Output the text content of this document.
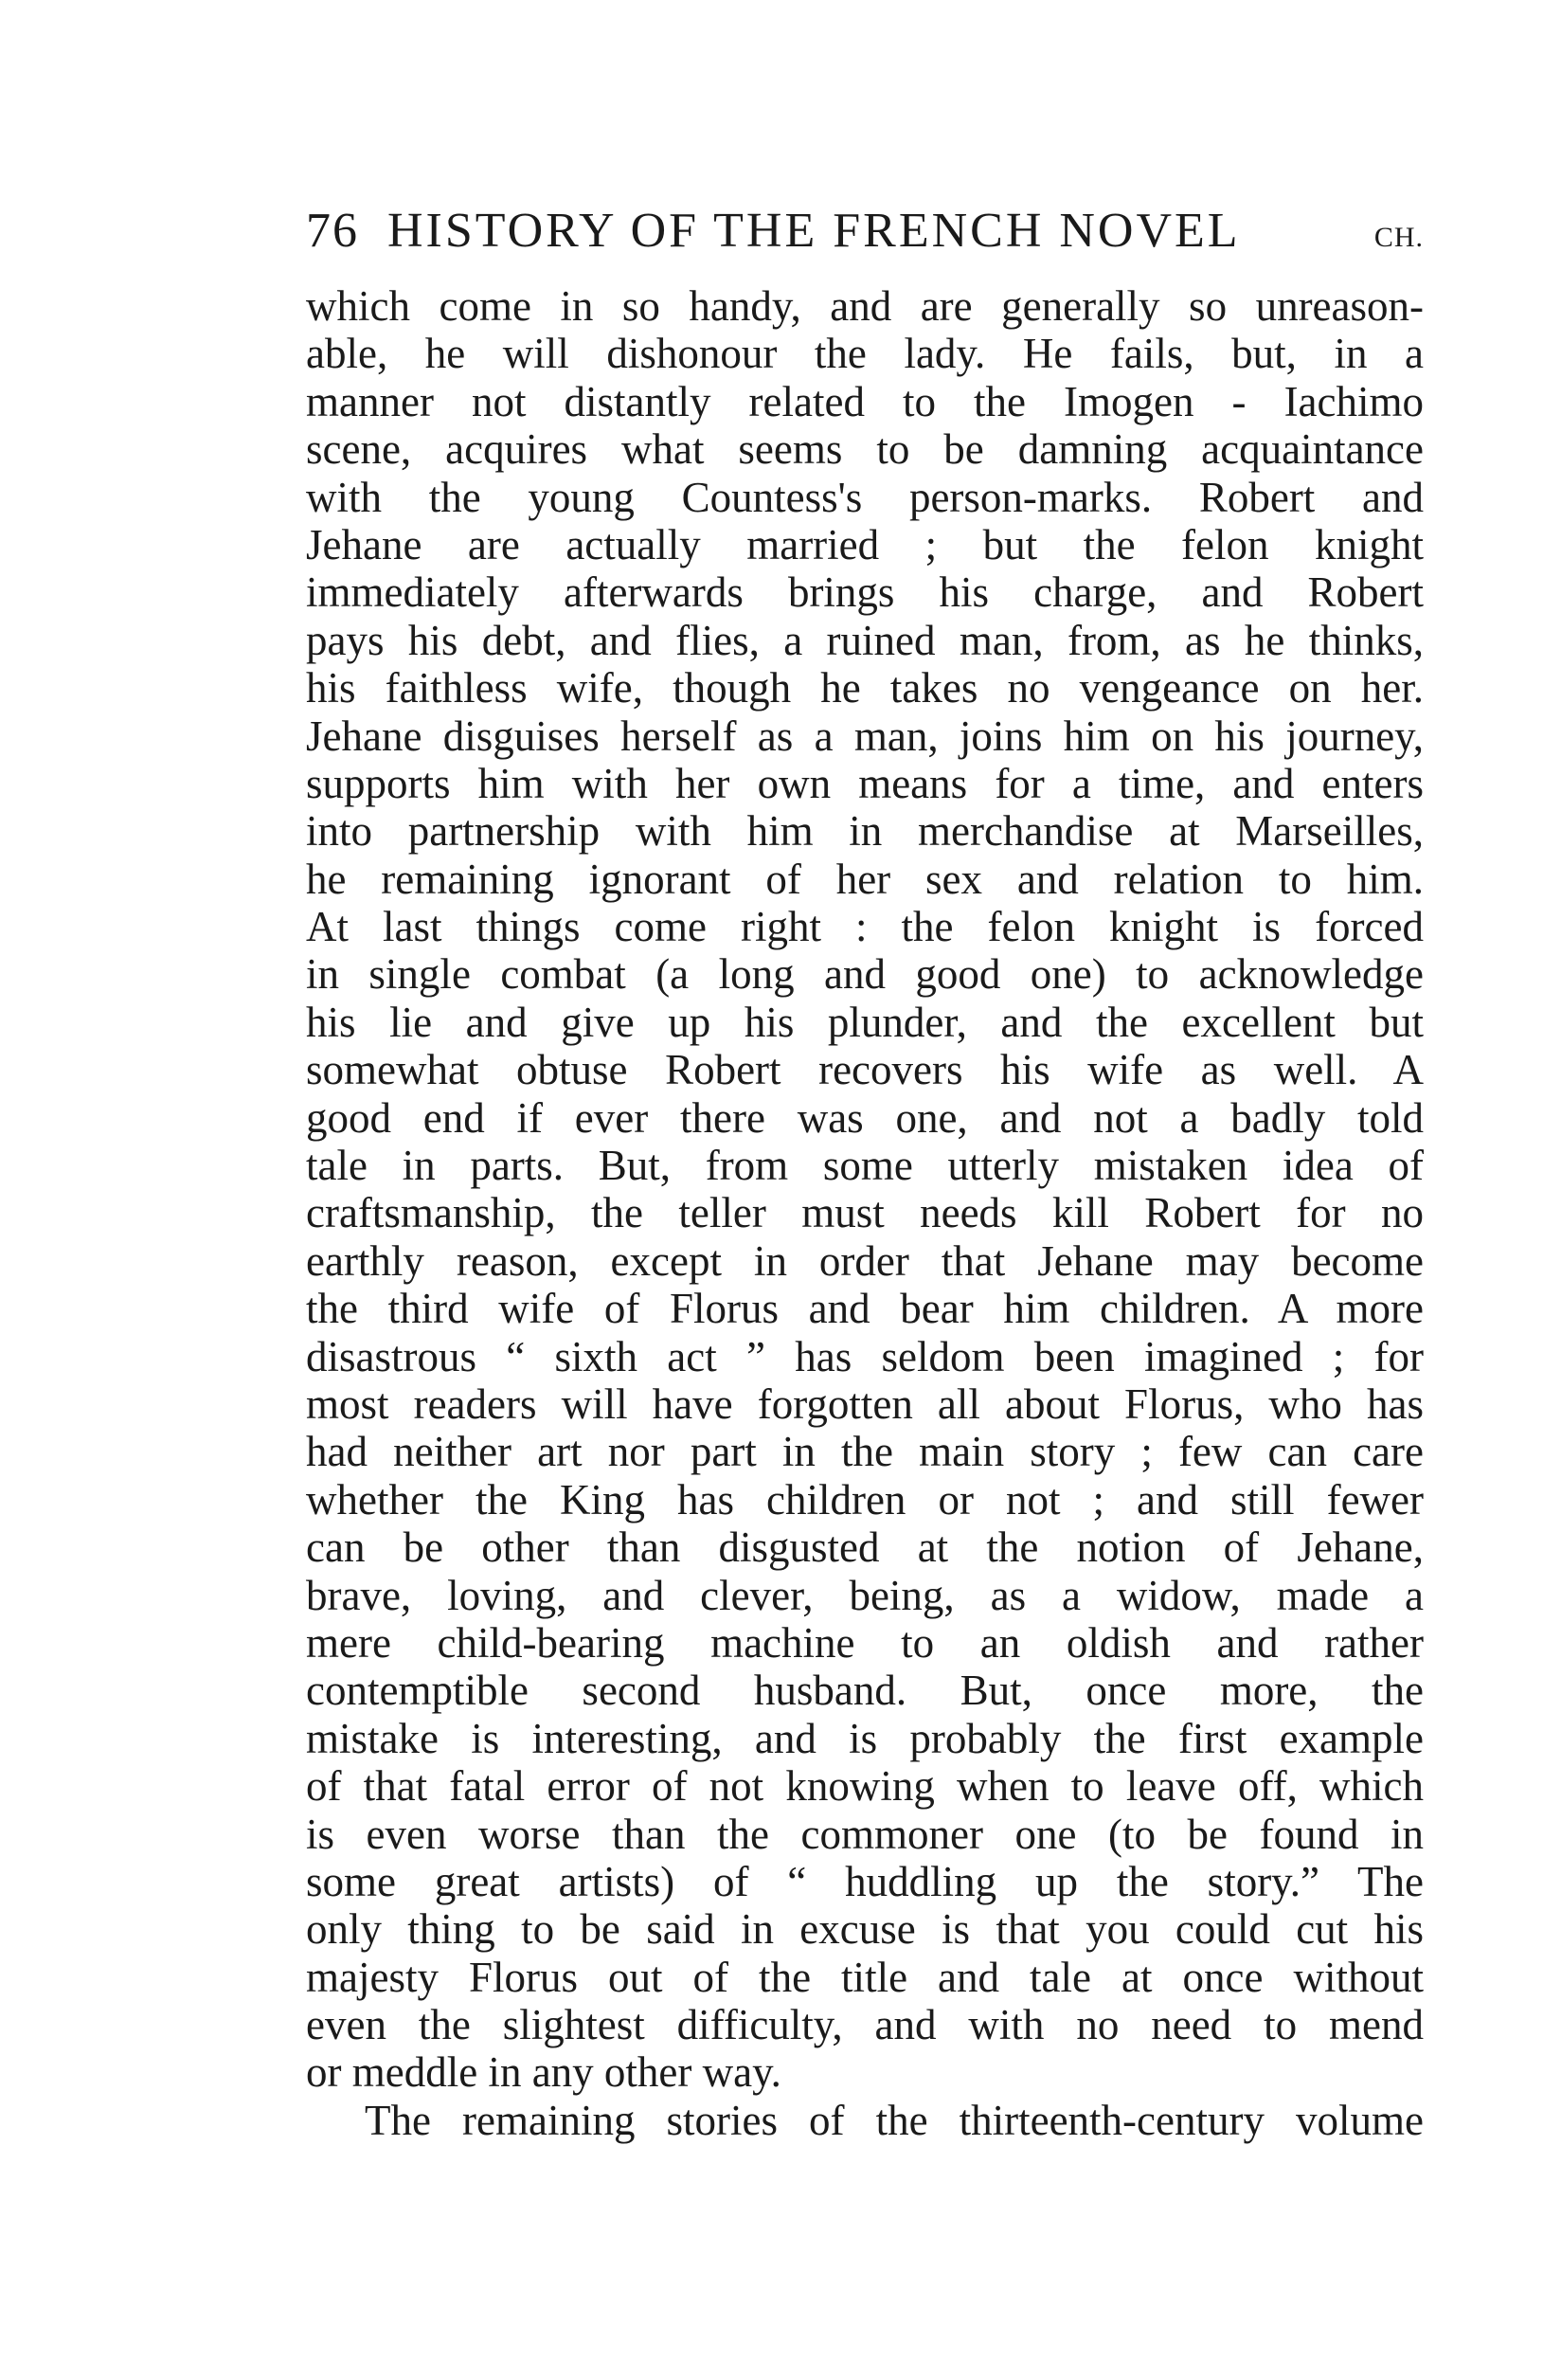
76 HISTORY OF THE FRENCH NOVEL	CH.
which come in so handy, and are generally so unreason-
able, he will dishonour the lady. He fails, but, in a
manner not distantly related to the Imogen - Iachimo
scene, acquires what seems to be damning acquaintance
with the young Countess's person-marks. Robert and
Jehane are actually married ; but the felon knight
immediately afterwards brings his charge, and Robert
pays his debt, and flies, a ruined man, from, as he thinks,
his faithless wife, though he takes no vengeance on her.
Jehane disguises herself as a man, joins him on his journey,
supports him with her own means for a time, and enters
into partnership with him in merchandise at Marseilles,
he remaining ignorant of her sex and relation to him.
At last things come right : the felon knight is forced
in single combat (a long and good one) to acknowledge
his lie and give up his plunder, and the excellent but
somewhat obtuse Robert recovers his wife as well. A
good end if ever there was one, and not a badly told
tale in parts. But, from some utterly mistaken idea of
craftsmanship, the teller must needs kill Robert for no
earthly reason, except in order that Jehane may become
the third wife of Florus and bear him children. A more
disastrous “ sixth act ” has seldom been imagined ; for
most readers will have forgotten all about Florus, who has
had neither art nor part in the main story ; few can care
whether the King has children or not ; and still fewer
can be other than disgusted at the notion of Jehane,
brave, loving, and clever, being, as a widow, made a
mere child-bearing machine to an oldish and rather
contemptible second husband. But, once more, the
mistake is interesting, and is probably the first example
of that fatal error of not knowing when to leave off, which
is even worse than the commoner one (to be found in
some great artists) of “ huddling up the story.” The
only thing to be said in excuse is that you could cut his
majesty Florus out of the title and tale at once without
even the slightest difficulty, and with no need to mend
or meddle in any other way.
The remaining stories of the thirteenth-century volume
